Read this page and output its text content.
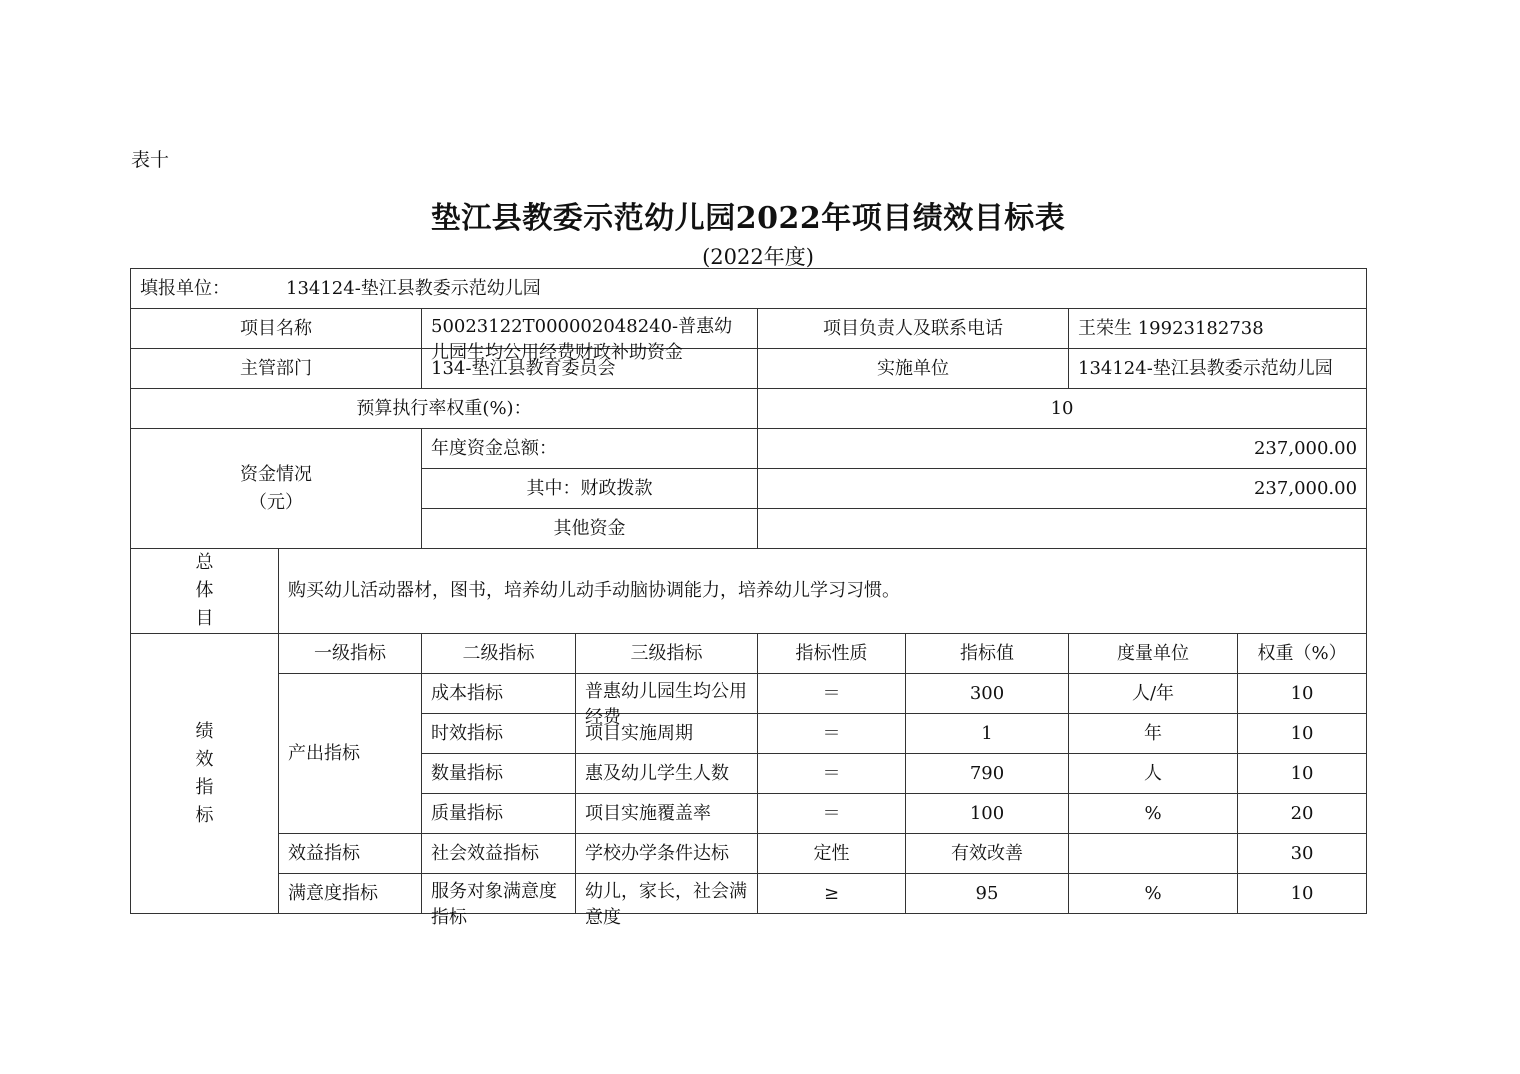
表十
垫江县教委示范幼儿园2022年项目绩效目标表
(2022年度)
填报单位： 134124-垫江县教委示范幼儿园							
项目名称		50023122T000002048240-普惠幼儿园生均公用经费财政补助资金		项目负责人及联系电话		王荣生 19923182738	
主管部门		134-垫江县教育委员会		实施单位		134124-垫江县教委示范幼儿园	
预算执行率权重(%)：				10			
资金情况
（元）		年度资金总额：		237,000.00			
		其中：财政拨款		237,000.00			
		其他资金					
总
体
目	购买幼儿活动器材，图书，培养幼儿动手动脑协调能力，培养幼儿学习习惯。						
绩
效
指
标	一级指标	二级指标	三级指标	指标性质	指标值	度量单位	权重（%）
	产出指标	成本指标	普惠幼儿园生均公用经费	＝	300	人/年	10
		时效指标	项目实施周期	＝	1	年	10
		数量指标	惠及幼儿学生人数	＝	790	人	10
		质量指标	项目实施覆盖率	＝	100	%	20
	效益指标	社会效益指标	学校办学条件达标	定性	有效改善		30
	满意度指标	服务对象满意度指标	幼儿，家长，社会满意度	≥	95	%	10
